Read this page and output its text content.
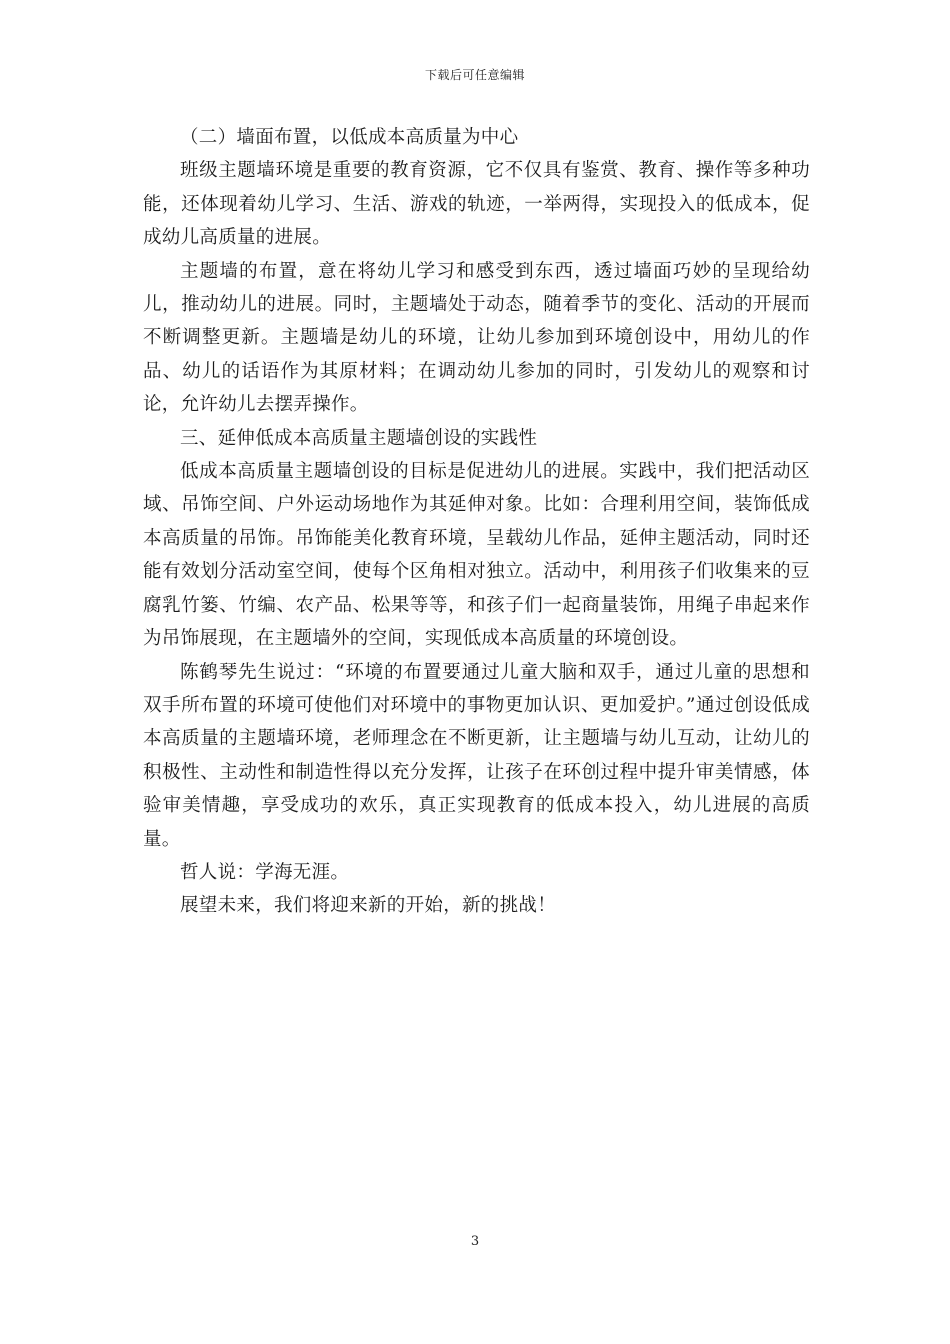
下载后可任意编辑

（二）墙面布置，以低成本高质量为中心

班级主题墙环境是重要的教育资源，它不仅具有鉴赏、教育、操作等多种功能，还体现着幼儿学习、生活、游戏的轨迹，一举两得，实现投入的低成本，促成幼儿高质量的进展。

主题墙的布置，意在将幼儿学习和感受到东西，透过墙面巧妙的呈现给幼儿，推动幼儿的进展。同时，主题墙处于动态，随着季节的变化、活动的开展而不断调整更新。主题墙是幼儿的环境，让幼儿参加到环境创设中，用幼儿的作品、幼儿的话语作为其原材料；在调动幼儿参加的同时，引发幼儿的观察和讨论，允许幼儿去摆弄操作。

三、延伸低成本高质量主题墙创设的实践性

低成本高质量主题墙创设的目标是促进幼儿的进展。实践中，我们把活动区域、吊饰空间、户外运动场地作为其延伸对象。比如：合理利用空间，装饰低成本高质量的吊饰。吊饰能美化教育环境，呈载幼儿作品，延伸主题活动，同时还能有效划分活动室空间，使每个区角相对独立。活动中，利用孩子们收集来的豆腐乳竹篓、竹编、农产品、松果等等，和孩子们一起商量装饰，用绳子串起来作为吊饰展现，在主题墙外的空间，实现低成本高质量的环境创设。

陈鹤琴先生说过：“环境的布置要通过儿童大脑和双手，通过儿童的思想和双手所布置的环境可使他们对环境中的事物更加认识、更加爱护。”通过创设低成本高质量的主题墙环境，老师理念在不断更新，让主题墙与幼儿互动，让幼儿的积极性、主动性和制造性得以充分发挥，让孩子在环创过程中提升审美情感，体验审美情趣，享受成功的欢乐，真正实现教育的低成本投入，幼儿进展的高质量。

哲人说：学海无涯。

展望未来，我们将迎来新的开始，新的挑战！

3
